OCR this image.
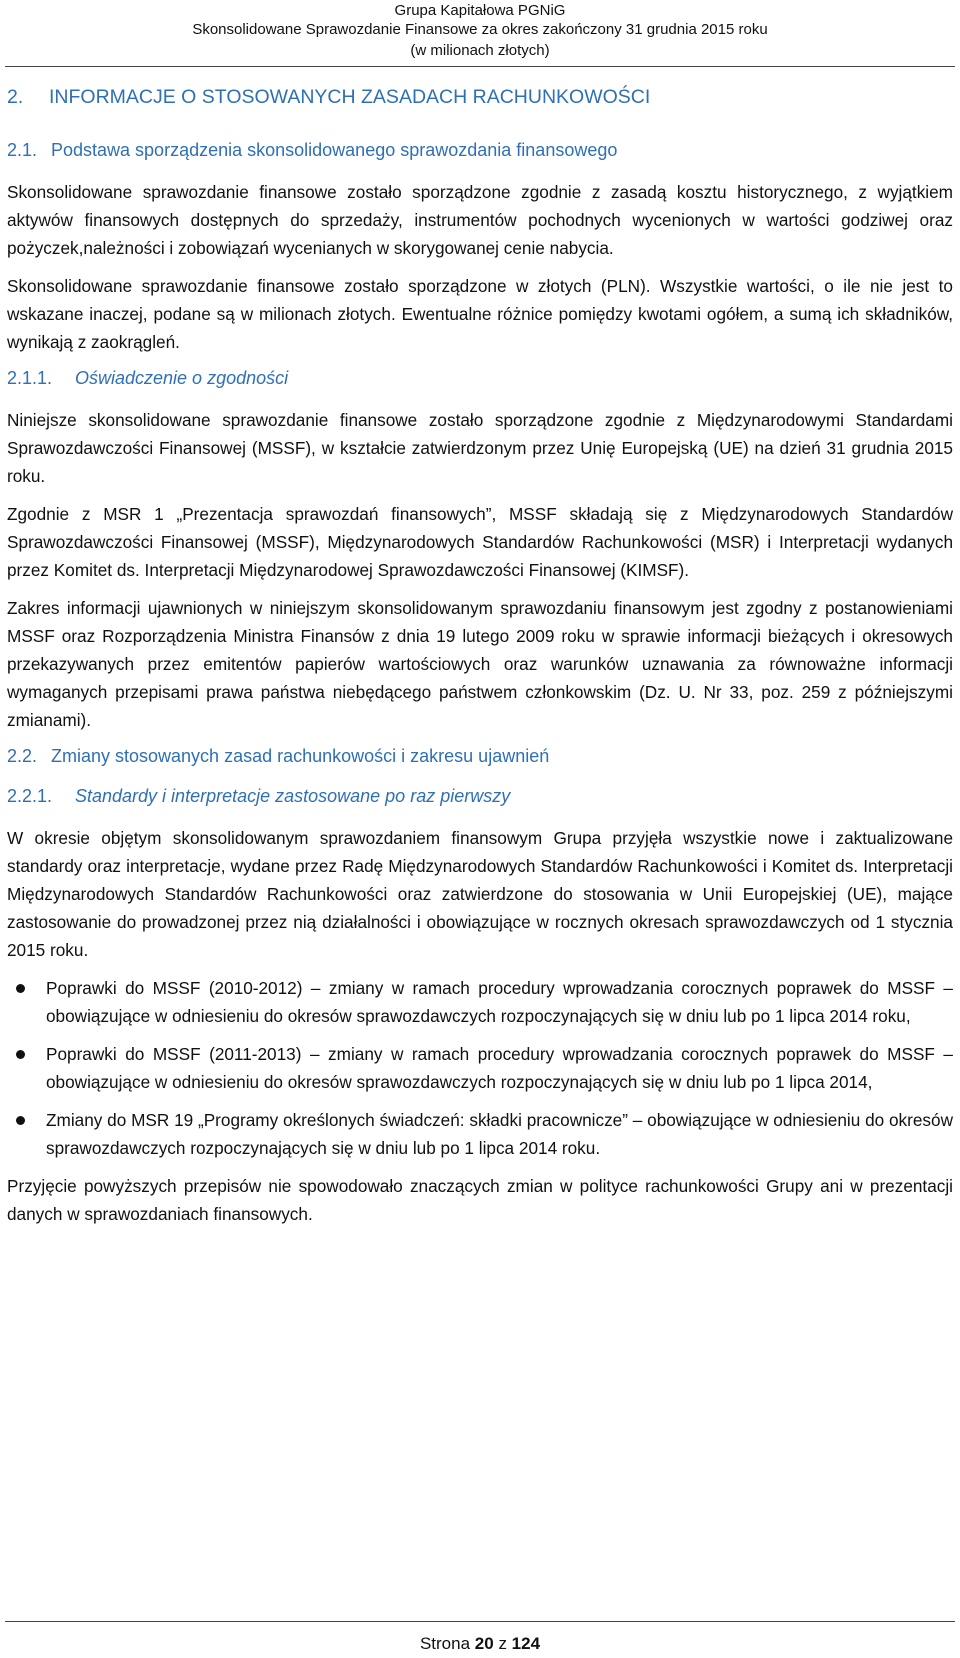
Grupa Kapitałowa PGNiG
Skonsolidowane Sprawozdanie Finansowe za okres zakończony 31 grudnia 2015 roku
(w milionach złotych)
2. INFORMACJE O STOSOWANYCH ZASADACH RACHUNKOWOŚCI
2.1. Podstawa sporządzenia skonsolidowanego sprawozdania finansowego

Skonsolidowane sprawozdanie finansowe zostało sporządzone zgodnie z zasadą kosztu historycznego, z wyjątkiem aktywów finansowych dostępnych do sprzedaży, instrumentów pochodnych wycenionych w wartości godziwej oraz pożyczek,należności i zobowiązań wycenianych w skorygowanej cenie nabycia.

Skonsolidowane sprawozdanie finansowe zostało sporządzone w złotych (PLN). Wszystkie wartości, o ile nie jest to wskazane inaczej, podane są w milionach złotych. Ewentualne różnice pomiędzy kwotami ogółem, a sumą ich składników, wynikają z zaokrągleń.

2.1.1. Oświadczenie o zgodności

Niniejsze skonsolidowane sprawozdanie finansowe zostało sporządzone zgodnie z Międzynarodowymi Standardami Sprawozdawczości Finansowej (MSSF), w kształcie zatwierdzonym przez Unię Europejską (UE) na dzień 31 grudnia 2015 roku.

Zgodnie z MSR 1 „Prezentacja sprawozdań finansowych”, MSSF składają się z Międzynarodowych Standardów Sprawozdawczości Finansowej (MSSF), Międzynarodowych Standardów Rachunkowości (MSR) i Interpretacji wydanych przez Komitet ds. Interpretacji Międzynarodowej Sprawozdawczości Finansowej (KIMSF).

Zakres informacji ujawnionych w niniejszym skonsolidowanym sprawozdaniu finansowym jest zgodny z postanowieniami MSSF oraz Rozporządzenia Ministra Finansów z dnia 19 lutego 2009 roku w sprawie informacji bieżących i okresowych przekazywanych przez emitentów papierów wartościowych oraz warunków uznawania za równoważne informacji wymaganych przepisami prawa państwa niebędącego państwem członkowskim (Dz. U. Nr 33, poz. 259 z późniejszymi zmianami).

2.2. Zmiany stosowanych zasad rachunkowości i zakresu ujawnień
2.2.1. Standardy i interpretacje zastosowane po raz pierwszy

W okresie objętym skonsolidowanym sprawozdaniem finansowym Grupa przyjęła wszystkie nowe i zaktualizowane standardy oraz interpretacje, wydane przez Radę Międzynarodowych Standardów Rachunkowości i Komitet ds. Interpretacji Międzynarodowych Standardów Rachunkowości oraz zatwierdzone do stosowania w Unii Europejskiej (UE), mające zastosowanie do prowadzonej przez nią działalności i obowiązujące w rocznych okresach sprawozdawczych od 1 stycznia 2015 roku.

Poprawki do MSSF (2010-2012) – zmiany w ramach procedury wprowadzania corocznych poprawek do MSSF – obowiązujące w odniesieniu do okresów sprawozdawczych rozpoczynających się w dniu lub po 1 lipca 2014 roku,
Poprawki do MSSF (2011-2013) – zmiany w ramach procedury wprowadzania corocznych poprawek do MSSF – obowiązujące w odniesieniu do okresów sprawozdawczych rozpoczynających się w dniu lub po 1 lipca 2014,
Zmiany do MSR 19 „Programy określonych świadczeń: składki pracownicze” – obowiązujące w odniesieniu do okresów sprawozdawczych rozpoczynających się w dniu lub po 1 lipca 2014 roku.

Przyjęcie powyższych przepisów nie spowodowało znaczących zmian w polityce rachunkowości Grupy ani w prezentacji danych w sprawozdaniach finansowych.

Strona 20 z 124
